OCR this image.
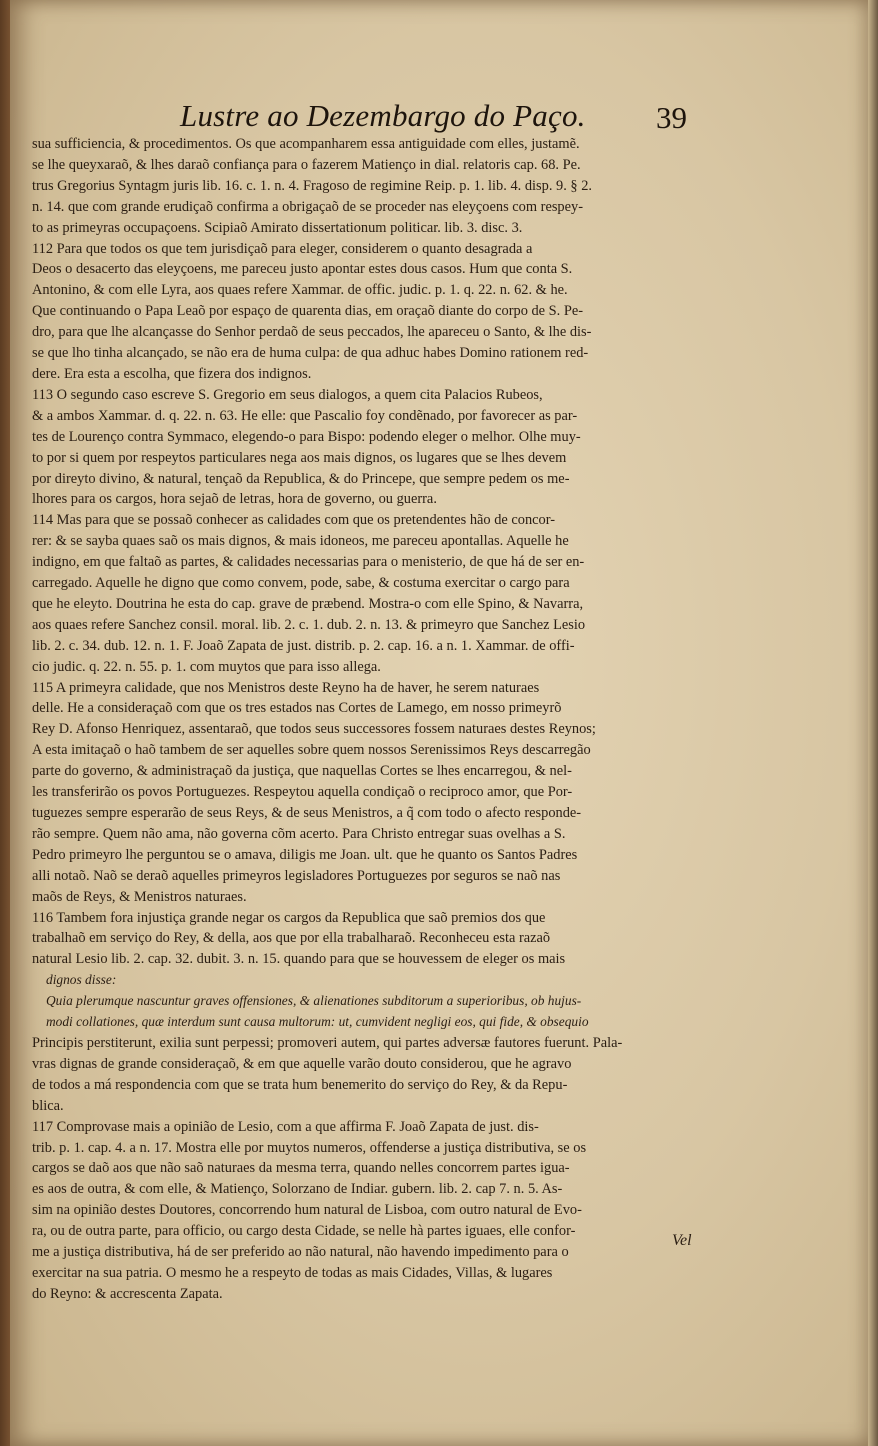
Lustre ao Dezembargo do Paço. 39
sua sufficiencia, & procedimentos. Os que acompanharem essa antiguidade com elles, justamẽ.
se lhe queyxaraõ, & lhes daraõ confiança para o fazerem Matienço in dial. relatoris cap. 68. Pe.
trus Gregorius Syntagm juris lib. 16. c. 1. n. 4. Fragoso de regimine Reip. p. 1. lib. 4. disp. 9. § 2.
n. 14. que com grande erudiçaõ confirma a obrigaçaõ de se proceder nas eleyçoens com respey-
to as primeyras occupaçoens. Scipiaõ Amirato dissertationum politicar. lib. 3. disc. 3.
112 Para que todos os que tem jurisdiçaõ para eleger, considerem o quanto desagrada a
Deos o desacerto das eleyçoens, me pareceu justo apontar estes dous casos. Hum que conta S.
Antonino, & com elle Lyra, aos quaes refere Xammar. de offic. judic. p. 1. q. 22. n. 62. & he.
Que continuando o Papa Leaõ por espaço de quarenta dias, em oraçaõ diante do corpo de S. Pe-
dro, para que lhe alcançasse do Senhor perdaõ de seus peccados, lhe apareceu o Santo, & lhe dis-
se que lho tinha alcançado, se não era de huma culpa: de qua adhuc habes Domino rationem red-
dere. Era esta a escolha, que fizera dos indignos.
113 O segundo caso escreve S. Gregorio em seus dialogos, a quem cita Palacios Rubeos,
& a ambos Xammar. d. q. 22. n. 63. He elle: que Pascalio foy condẽnado, por favorecer as par-
tes de Lourenço contra Symmaco, elegendo-o para Bispo: podendo eleger o melhor. Olhe muy-
to por si quem por respeytos particulares nega aos mais dignos, os lugares que se lhes devem
por direyto divino, & natural, tençaõ da Republica, & do Princepe, que sempre pedem os me-
lhores para os cargos, hora sejaõ de letras, hora de governo, ou guerra.
114 Mas para que se possaõ conhecer as calidades com que os pretendentes hão de concor-
rer: & se sayba quaes saõ os mais dignos, & mais idoneos, me pareceu apontallas. Aquelle he
indigno, em que faltaõ as partes, & calidades necessarias para o menisterio, de que há de ser en-
carregado. Aquelle he digno que como convem, pode, sabe, & costuma exercitar o cargo para
que he eleyto. Doutrina he esta do cap. grave de præbend. Mostra-o com elle Spino, & Navarra,
aos quaes refere Sanchez consil. moral. lib. 2. c. 1. dub. 2. n. 13. & primeyro que Sanchez Lesio
lib. 2. c. 34. dub. 12. n. 1. F. Joaõ Zapata de just. distrib. p. 2. cap. 16. a n. 1. Xammar. de offi-
cio judic. q. 22. n. 55. p. 1. com muytos que para isso allega.
115 A primeyra calidade, que nos Menistros deste Reyno ha de haver, he serem naturaes
delle. He a consideraçaõ com que os tres estados nas Cortes de Lamego, em nosso primeyrõ
Rey D. Afonso Henriquez, assentaraõ, que todos seus successores fossem naturaes destes Reynos;
A esta imitaçaõ o haõ tambem de ser aquelles sobre quem nossos Serenissimos Reys descarregão
parte do governo, & administraçaõ da justiça, que naquellas Cortes se lhes encarregou, & nel-
les transferirão os povos Portuguezes. Respeytou aquella condiçaõ o reciproco amor, que Por-
tuguezes sempre esperarão de seus Reys, & de seus Menistros, a q̃ com todo o afecto responde-
rão sempre. Quem não ama, não governa cõm acerto. Para Christo entregar suas ovelhas a S.
Pedro primeyro lhe perguntou se o amava, diligis me Joan. ult. que he quanto os Santos Padres
alli notaõ. Naõ se deraõ aquelles primeyros legisladores Portuguezes por seguros se naõ nas
maõs de Reys, & Menistros naturaes.
116 Tambem fora injustiça grande negar os cargos da Republica que saõ premios dos que
trabalhaõ em serviço do Rey, & della, aos que por ella trabalharaõ. Reconheceu esta razaõ
natural Lesio lib. 2. cap. 32. dubit. 3. n. 15. quando para que se houvessem de eleger os mais
dignos disse:
Quia plerumque nascuntur graves offensiones, & alienationes subditorum a superioribus, ob hujus-
modi collationes, quæ interdum sunt causa multorum: ut, cumvident negligi eos, qui fide, & obsequio
Principis perstiterunt, exilia sunt perpessi; promoveri autem, qui partes adversæ fautores fuerunt. Pala-
vras dignas de grande consideraçaõ, & em que aquelle varão douto considerou, que he agravo
de todos a má respondencia com que se trata hum benemerito do serviço do Rey, & da Repu-
blica.
117 Comprovase mais a opinião de Lesio, com a que affirma F. Joaõ Zapata de just. dis-
trib. p. 1. cap. 4. a n. 17. Mostra elle por muytos numeros, offenderse a justiça distributiva, se os
cargos se daõ aos que não saõ naturaes da mesma terra, quando nelles concorrem partes igua-
es aos de outra, & com elle, & Matienço, Solorzano de Indiar. gubern. lib. 2. cap 7. n. 5. As-
sim na opinião destes Doutores, concorrendo hum natural de Lisboa, com outro natural de Evo-
ra, ou de outra parte, para officio, ou cargo desta Cidade, se nelle hà partes iguaes, elle confor-
me a justiça distributiva, há de ser preferido ao não natural, não havendo impedimento para o
exercitar na sua patria. O mesmo he a respeyto de todas as mais Cidades, Villas, & lugares
do Reyno: & accrescenta Zapata.
Vel
